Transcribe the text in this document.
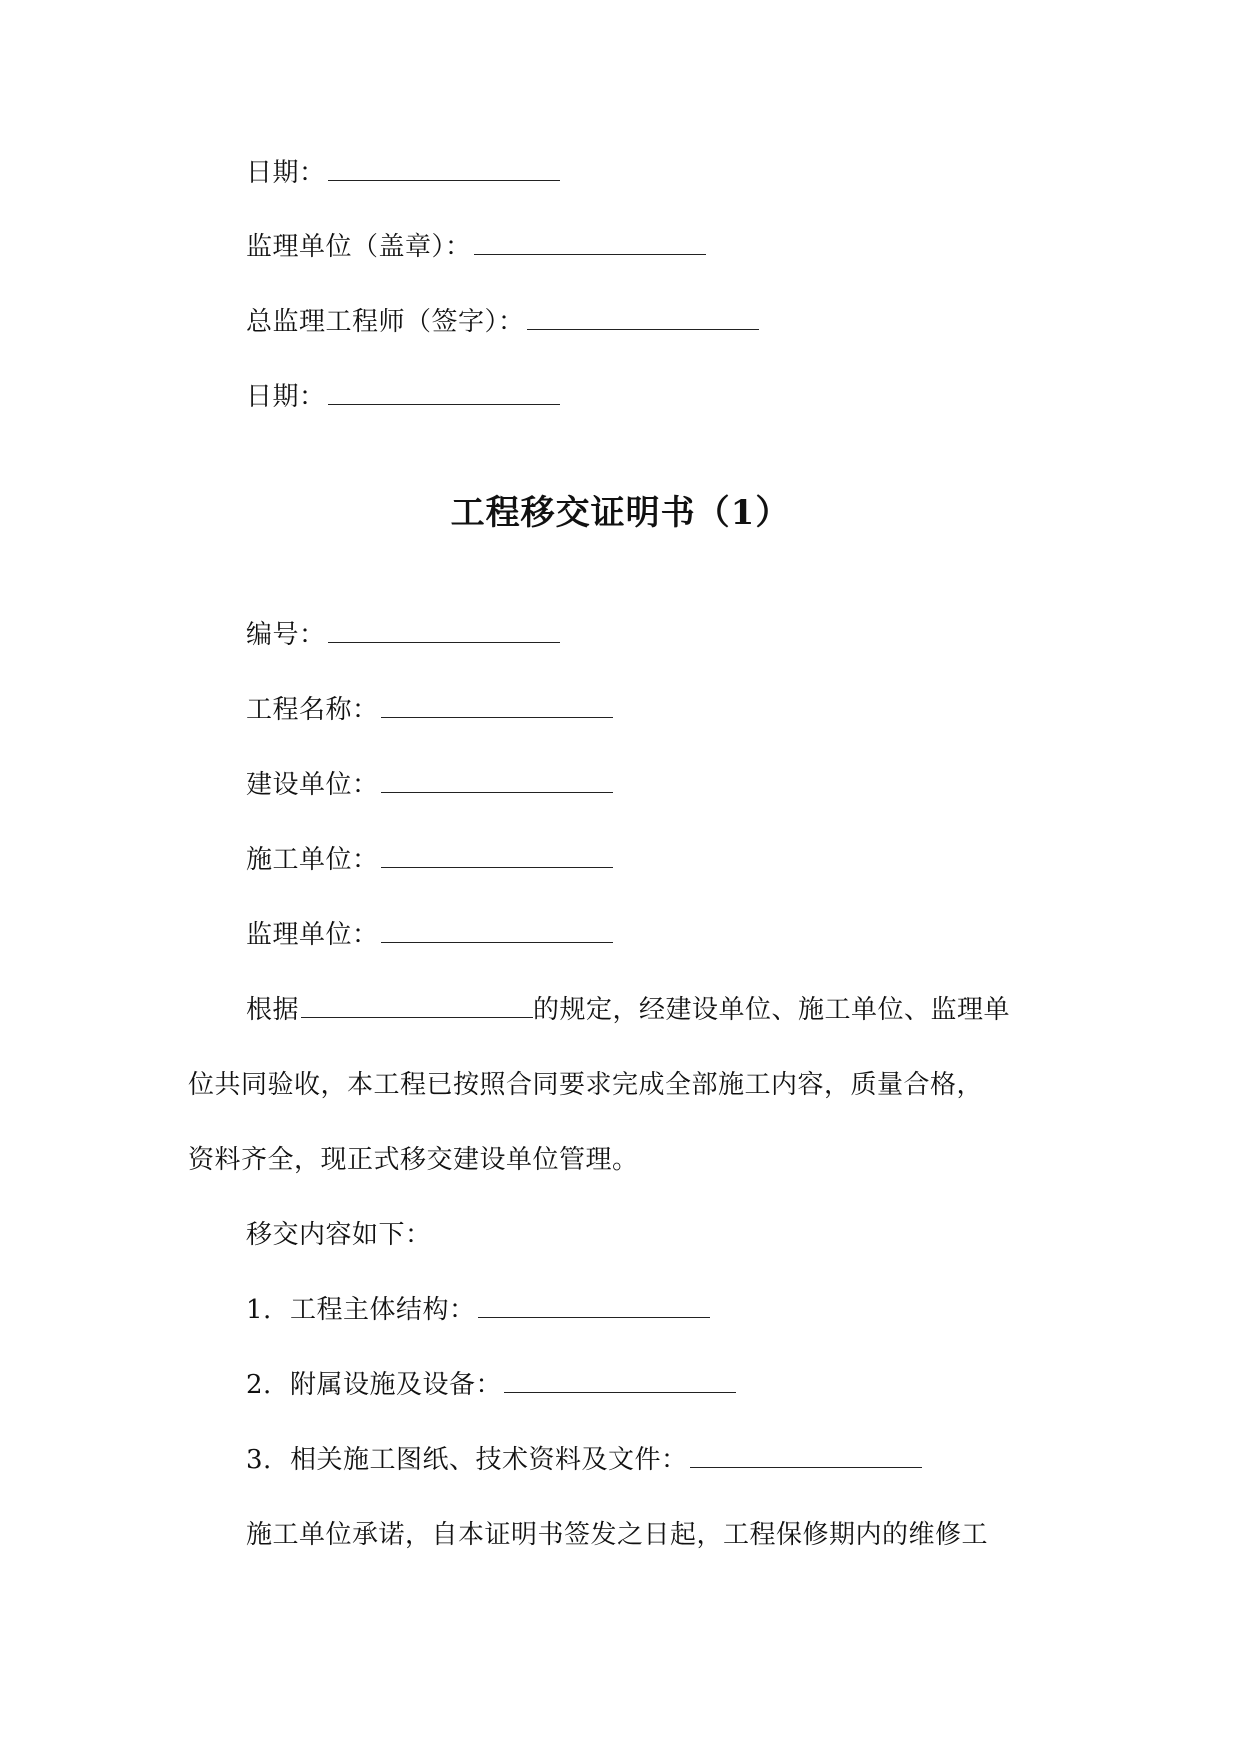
日期：
监理单位（盖章）：
总监理工程师（签字）：
日期：
工程移交证明书（1）
编号：
工程名称：
建设单位：
施工单位：
监理单位：
根据	的规定，经建设单位、施工单位、监理单
位共同验收，本工程已按照合同要求完成全部施工内容，质量合格，
资料齐全，现正式移交建设单位管理。
移交内容如下：
1. 工程主体结构：
2. 附属设施及设备：
3. 相关施工图纸、技术资料及文件：
施工单位承诺，自本证明书签发之日起，工程保修期内的维修工
